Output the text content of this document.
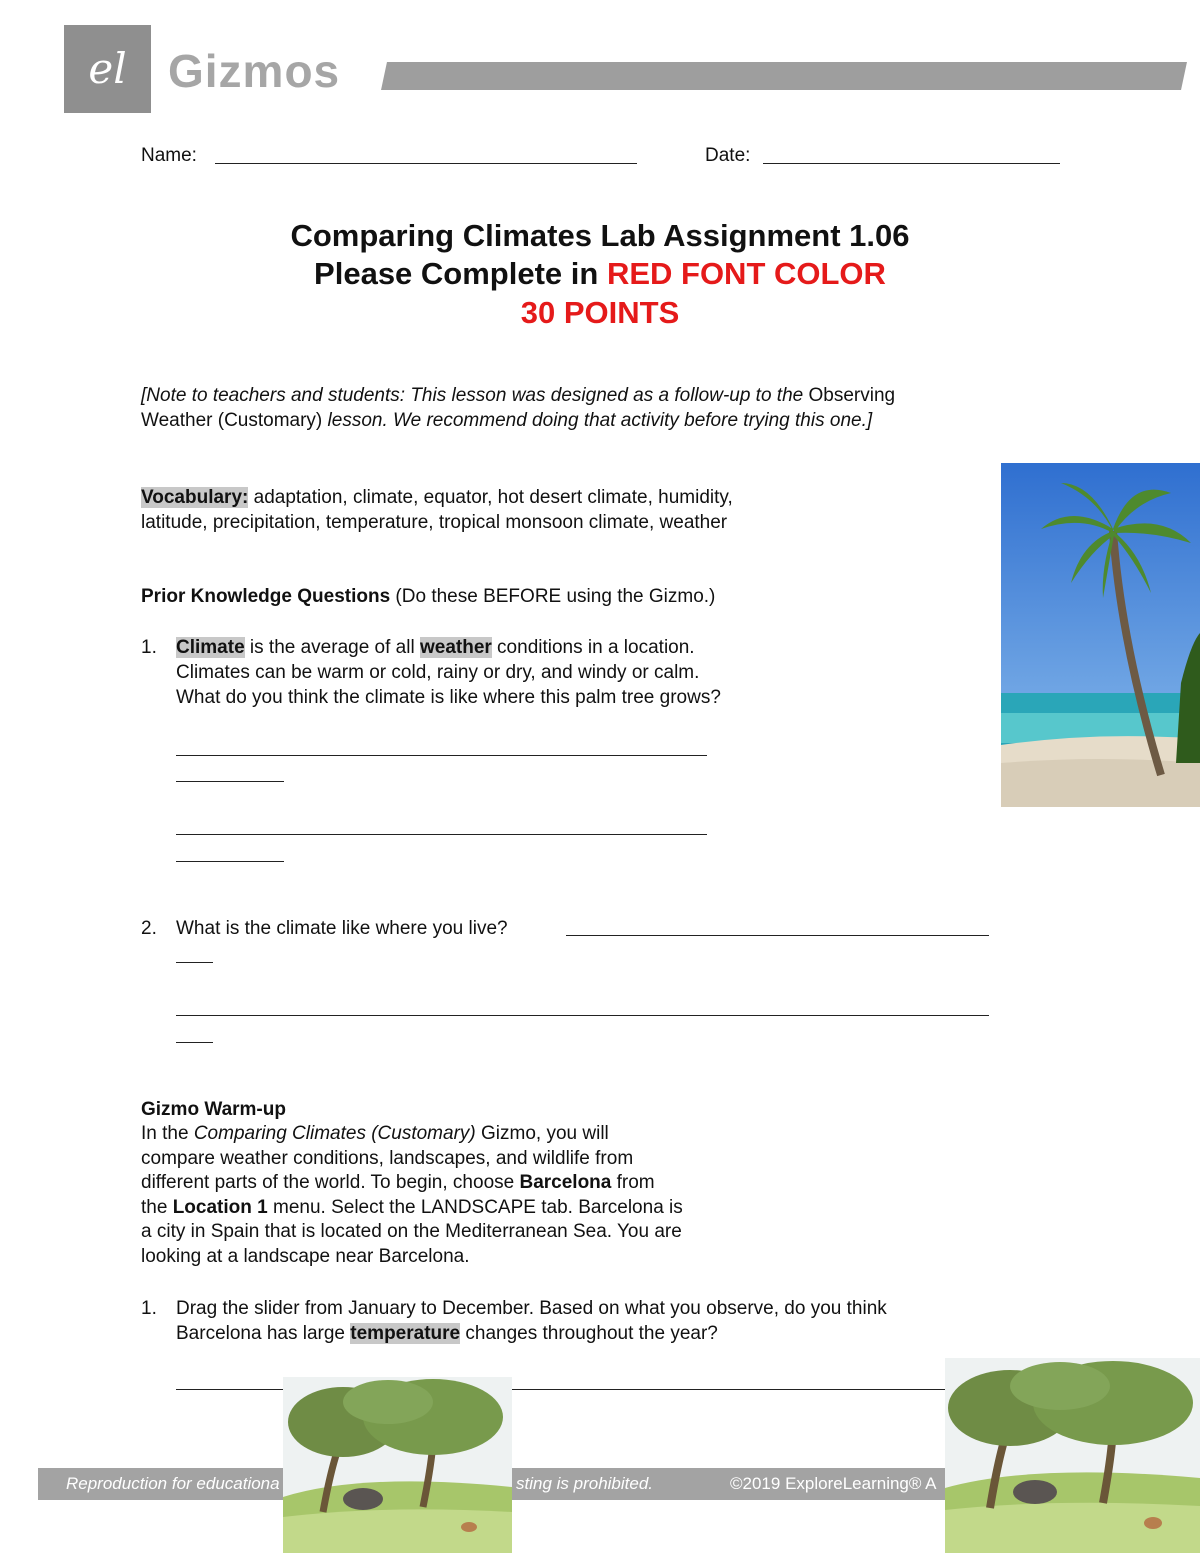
el Gizmos
Name:	Date:
Comparing Climates Lab Assignment 1.06
Please Complete in RED FONT COLOR
30 POINTS
[Note to teachers and students: This lesson was designed as a follow-up to the Observing
Weather (Customary) lesson. We recommend doing that activity before trying this one.]
Vocabulary: adaptation, climate, equator, hot desert climate, humidity,
latitude, precipitation, temperature, tropical monsoon climate, weather
Prior Knowledge Questions (Do these BEFORE using the Gizmo.)
1. Climate is the average of all weather conditions in a location.
Climates can be warm or cold, rainy or dry, and windy or calm.
What do you think the climate is like where this palm tree grows?
2. What is the climate like where you live?
Gizmo Warm-up
In the Comparing Climates (Customary) Gizmo, you will
compare weather conditions, landscapes, and wildlife from
different parts of the world. To begin, choose Barcelona from
the Location 1 menu. Select the LANDSCAPE tab. Barcelona is
a city in Spain that is located on the Mediterranean Sea. You are
looking at a landscape near Barcelona.
1. Drag the slider from January to December. Based on what you observe, do you think
Barcelona has large temperature changes throughout the year?
Reproduction for educationa	sting is prohibited.	©2019 ExploreLearning® A
